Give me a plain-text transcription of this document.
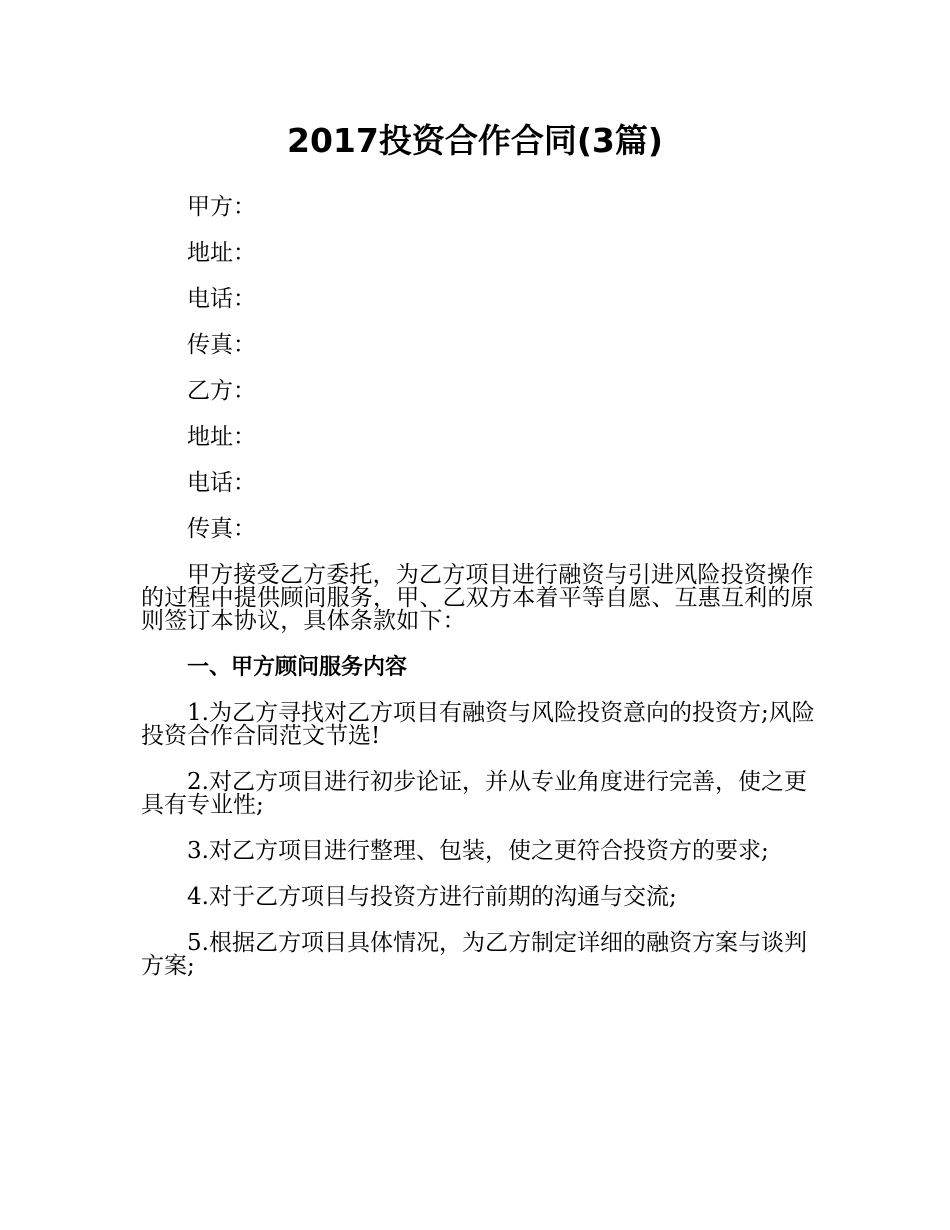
2017投资合作合同(3篇)
甲方：
地址：
电话：
传真：
乙方：
地址：
电话：
传真：

甲方接受乙方委托，为乙方项目进行融资与引进风险投资操作的过程中提供顾问服务，甲、乙双方本着平等自愿、互惠互利的原则签订本协议，具体条款如下：

一、甲方顾问服务内容

1.为乙方寻找对乙方项目有融资与风险投资意向的投资方;风险投资合作合同范文节选!

2.对乙方项目进行初步论证，并从专业角度进行完善，使之更具有专业性;

3.对乙方项目进行整理、包装，使之更符合投资方的要求;

4.对于乙方项目与投资方进行前期的沟通与交流;

5.根据乙方项目具体情况，为乙方制定详细的融资方案与谈判方案;
